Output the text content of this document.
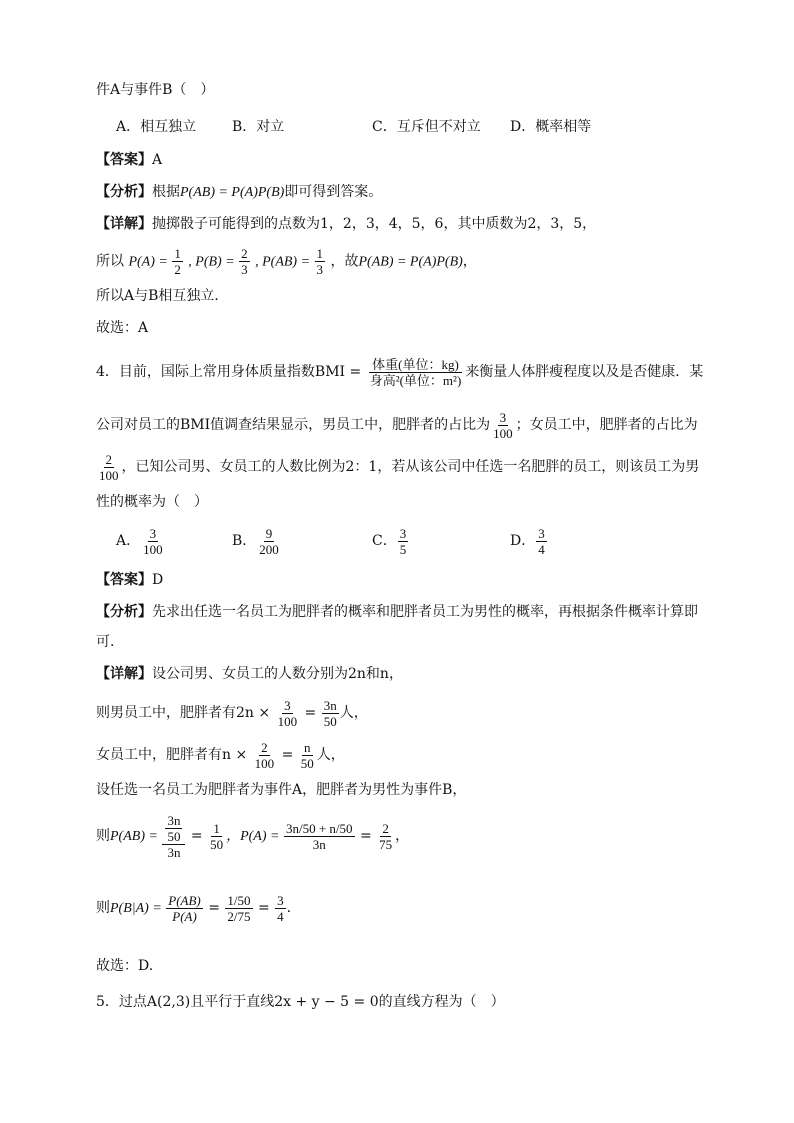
件A与事件B（　）
A．相互独立	B．对立	C．互斥但不对立 D．概率相等
【答案】A
【分析】根据P(AB) = P(A)P(B)即可得到答案。
【详解】抛掷骰子可能得到的点数为1，2，3，4，5，6，其中质数为2，3，5，
所以 $P(A) = \frac{1}{2}$ , $P(B) = \frac{2}{3}$ , $P(AB) = \frac{1}{3}$ ，故P(AB) = P(A)P(B)，
所以A与B相互独立．
故选：A
4．目前，国际上常用身体质量指数BMI = $\frac{\text{体重(单位：kg)}}{\text{身高²(单位：m²)}}$ 来衡量人体胖瘦程度以及是否健康．某
公司对员工的BMI值调查结果显示，男员工中，肥胖者的占比为 $\frac{3}{100}$ ；女员工中，肥胖者的占比为
$\frac{2}{100}$ ，已知公司男、女员工的人数比例为2：1，若从该公司中任选一名肥胖的员工，则该员工为男
性的概率为（　）
A． $\frac{3}{100}$	B． $\frac{9}{200}$	C． $\frac{3}{5}$	D． $\frac{3}{4}$
【答案】D
【分析】先求出任选一名员工为肥胖者的概率和肥胖者员工为男性的概率，再根据条件概率计算即
可.
【详解】设公司男、女员工的人数分别为2n和n，
则男员工中，肥胖者有$2n \times \frac{3}{100} = \frac{3n}{50}$ 人，
女员工中，肥胖者有$n \times \frac{2}{100} = \frac{n}{50}$ 人，
设任选一名员工为肥胖者为事件A，肥胖者为男性为事件B，
则$P(AB) = \frac{\frac{3n}{50}}{3n} = \frac{1}{50}$ ，$P(A) = \frac{3n/50 + n/50}{3n} = \frac{2}{75}$ ，
则$P(B|A) = \frac{P(AB)}{P(A)} = \frac{1/50}{2/75} = \frac{3}{4}$ .
故选：D.
5．过点A(2,3)且平行于直线2x + y − 5 = 0的直线方程为（　）
